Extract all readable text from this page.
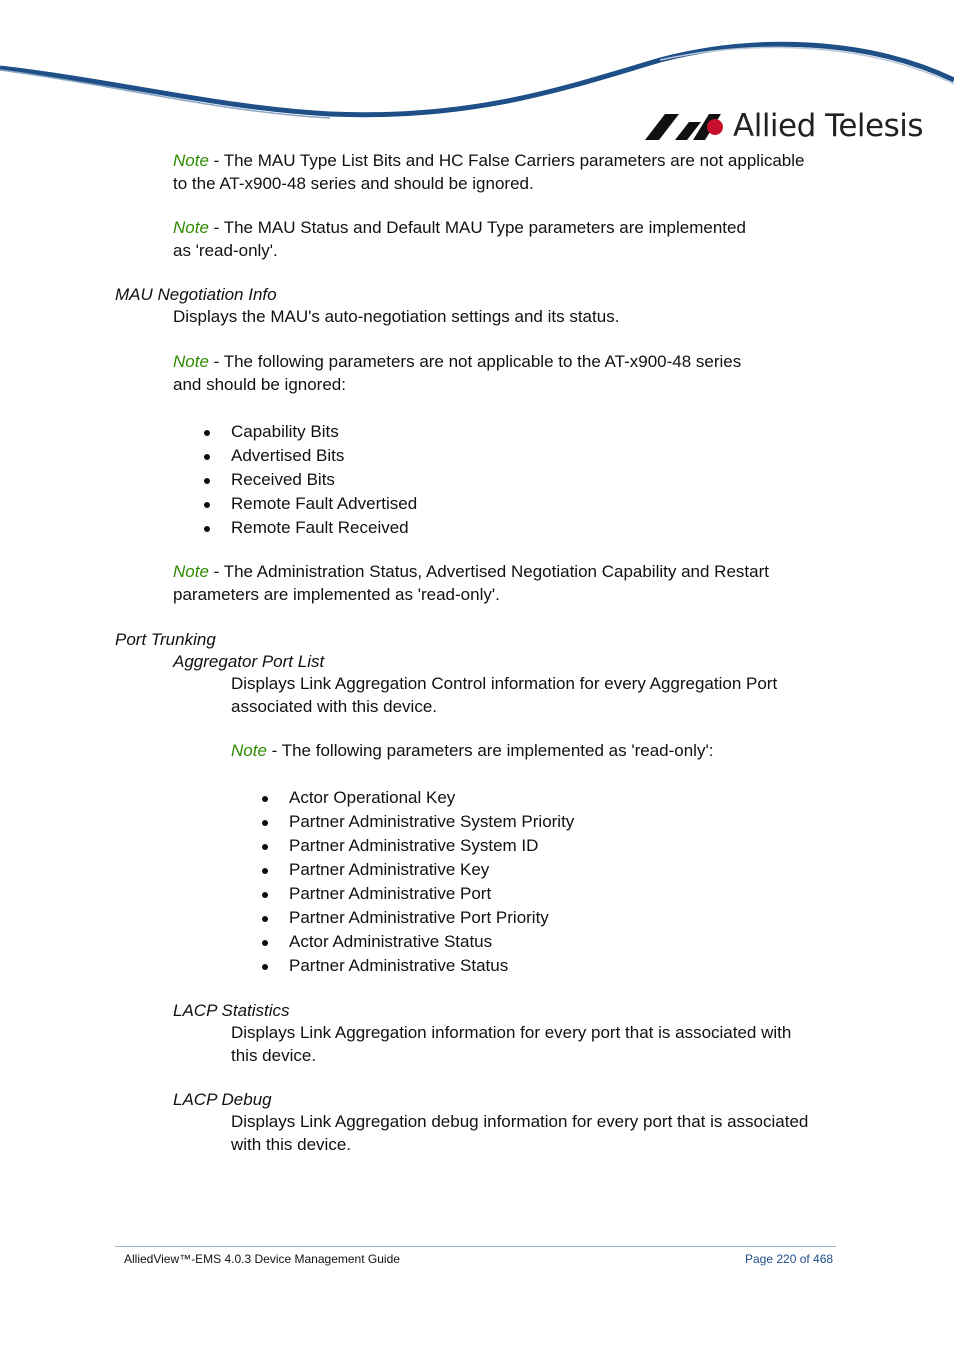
Allied Telesis
Note - The MAU Type List Bits and HC False Carriers parameters are not applicable
to the AT-x900-48 series and should be ignored.
Note - The MAU Status and Default MAU Type parameters are implemented
as 'read-only'.
MAU Negotiation Info
Displays the MAU's auto-negotiation settings and its status.
Note - The following parameters are not applicable to the AT-x900-48 series
and should be ignored:
Capability Bits
Advertised Bits
Received Bits
Remote Fault Advertised
Remote Fault Received
Note - The Administration Status, Advertised Negotiation Capability and Restart
parameters are implemented as 'read-only'.
Port Trunking
Aggregator Port List
Displays Link Aggregation Control information for every Aggregation Port
associated with this device.
Note - The following parameters are implemented as 'read-only':
Actor Operational Key
Partner Administrative System Priority
Partner Administrative System ID
Partner Administrative Key
Partner Administrative Port
Partner Administrative Port Priority
Actor Administrative Status
Partner Administrative Status
LACP Statistics
Displays Link Aggregation information for every port that is associated with
this device.
LACP Debug
Displays Link Aggregation debug information for every port that is associated
with this device.
AlliedView™-EMS 4.0.3 Device Management Guide	Page 220 of 468
